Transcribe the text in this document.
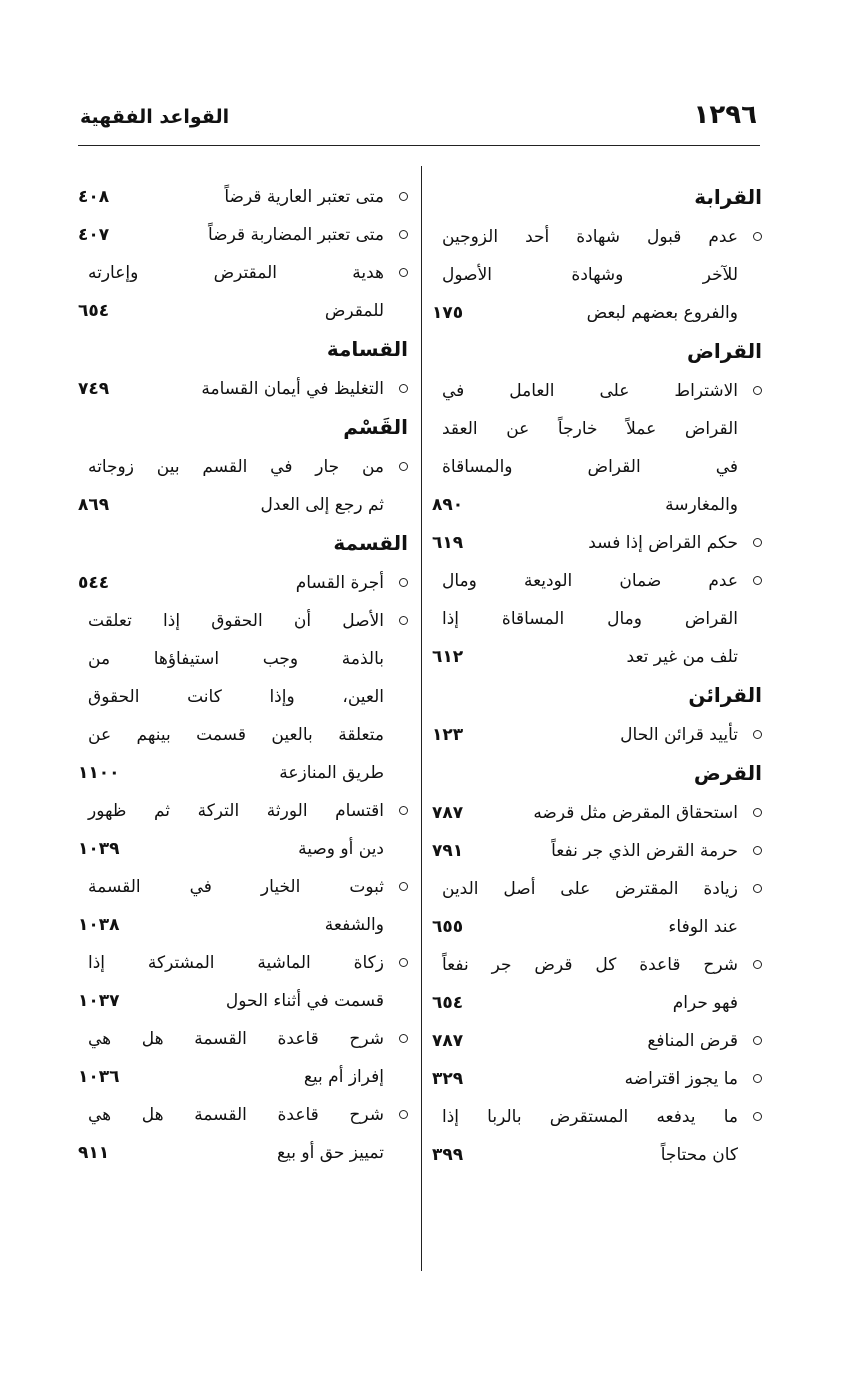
١٢٩٦
القواعد الفقهية
القرابة
عدم قبول شهادة أحد الزوجين
للآخر وشهادة الأصول
والفروع بعضهم لبعض
١٧٥
القراض
الاشتراط على العامل في
القراض عملاً خارجاً عن العقد
في القراض والمساقاة
والمغارسة
٨٩٠
حكم القراض إذا فسد
٦١٩
عدم ضمان الوديعة ومال
القراض ومال المساقاة إذا
تلف من غير تعد
٦١٢
القرائن
تأييد قرائن الحال
١٢٣
القرض
استحقاق المقرض مثل قرضه
٧٨٧
حرمة القرض الذي جر نفعاً
٧٩١
زيادة المقترض على أصل الدين
عند الوفاء
٦٥٥
شرح قاعدة كل قرض جر نفعاً
فهو حرام
٦٥٤
قرض المنافع
٧٨٧
ما يجوز اقتراضه
٣٢٩
ما يدفعه المستقرض بالربا إذا
كان محتاجاً
٣٩٩
متى تعتبر العارية قرضاً
٤٠٨
متى تعتبر المضاربة قرضاً
٤٠٧
هدية المقترض وإعارته
للمقرض
٦٥٤
القسامة
التغليظ في أيمان القسامة
٧٤٩
القَسْم
من جار في القسم بين زوجاته
ثم رجع إلى العدل
٨٦٩
القسمة
أجرة القسام
٥٤٤
الأصل أن الحقوق إذا تعلقت
بالذمة وجب استيفاؤها من
العين، وإذا كانت الحقوق
متعلقة بالعين قسمت بينهم عن
طريق المنازعة
١١٠٠
اقتسام الورثة التركة ثم ظهور
دين أو وصية
١٠٣٩
ثبوت الخيار في القسمة
والشفعة
١٠٣٨
زكاة الماشية المشتركة إذا
قسمت في أثناء الحول
١٠٣٧
شرح قاعدة القسمة هل هي
إفراز أم بيع
١٠٣٦
شرح قاعدة القسمة هل هي
تمييز حق أو بيع
٩١١
